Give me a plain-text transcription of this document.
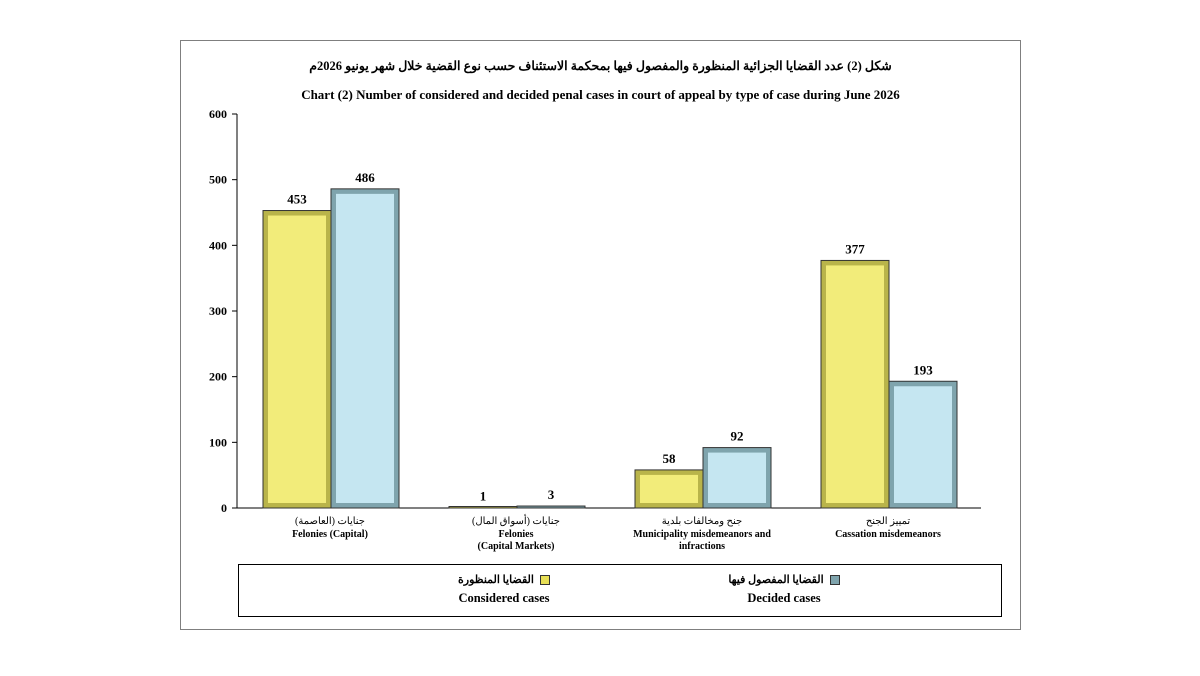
شكل (2) عدد القضايا الجزائية المنظورة والمفصول فيها بمحكمة الاستئناف حسب نوع القضية خلال شهر يونيو 2026م
Chart (2) Number of considered and decided penal cases in court of appeal by type of case during June 2026
0
100
200
300
400
500
600
453
1
58
377
486
3
92
193
جنايات (العاصمة)
Felonies (Capital)
جنايات (أسواق المال)
Felonies
(Capital Markets)
جنح ومخالفات بلدية
Municipality misdemeanors and
infractions
تمييز الجنح
Cassation misdemeanors
القضايا المنظورة
Considered cases
القضايا المفصول فيها
Decided cases
